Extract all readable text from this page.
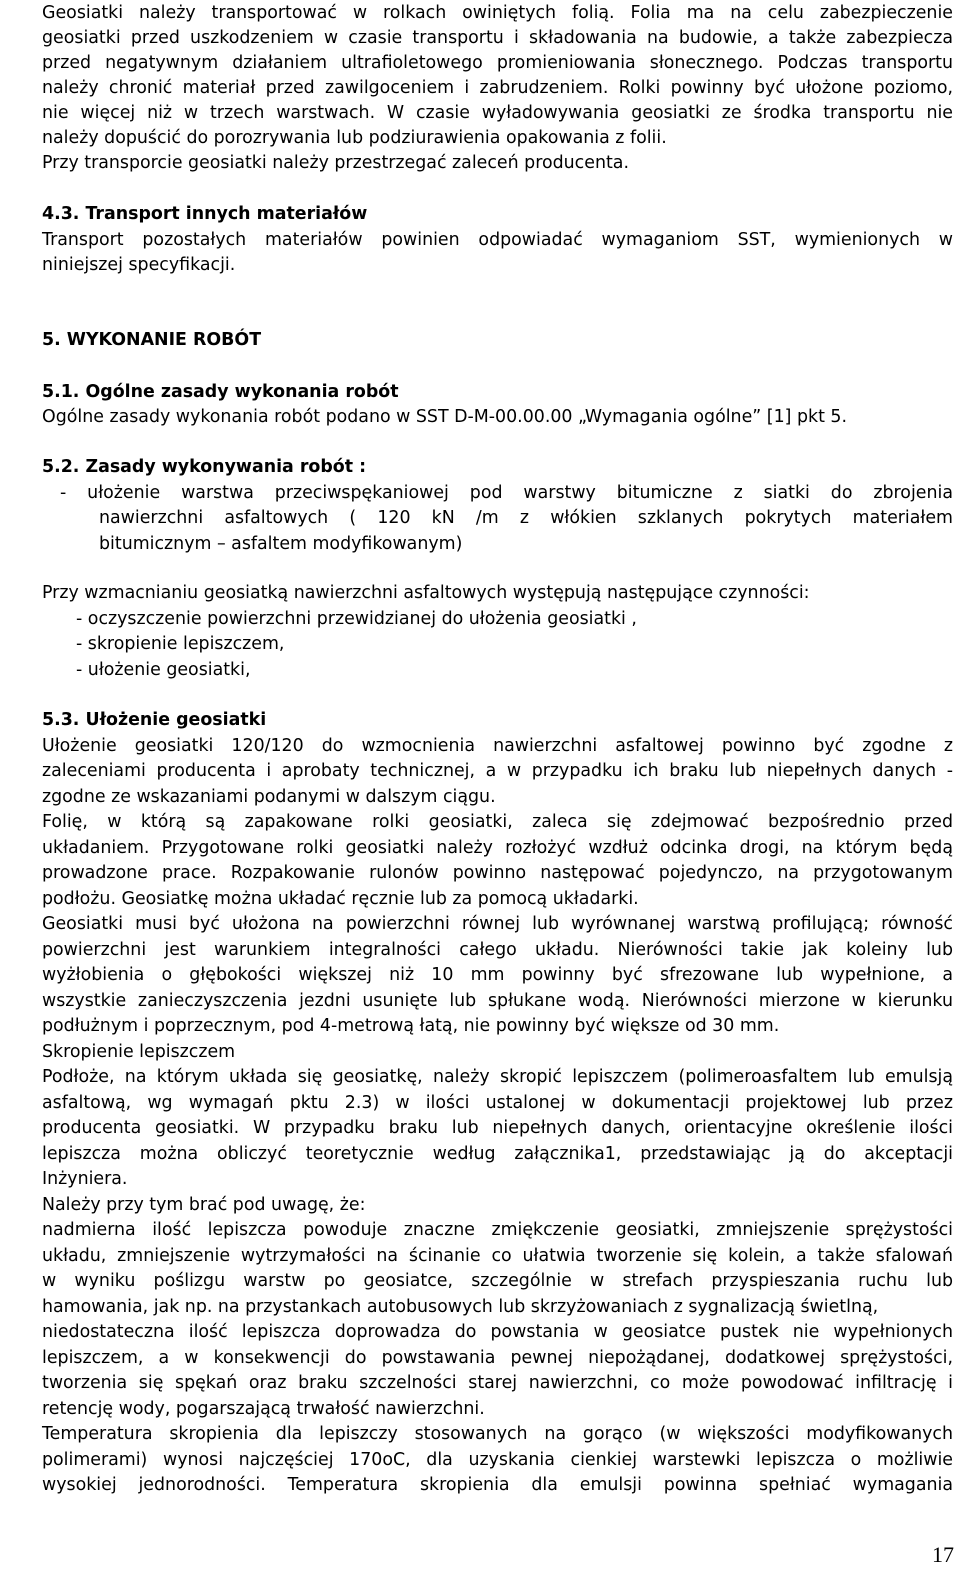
Geosiatki należy transportować w rolkach owiniętych folią. Folia ma na celu zabezpieczenie
geosiatki przed uszkodzeniem w czasie transportu i składowania na budowie, a także zabezpiecza
przed negatywnym działaniem ultrafioletowego promieniowania słonecznego. Podczas transportu
należy chronić materiał przed zawilgoceniem i zabrudzeniem. Rolki powinny być ułożone poziomo,
nie więcej niż w trzech warstwach. W czasie wyładowywania geosiatki ze środka transportu nie
należy dopuścić do porozrywania lub podziurawienia opakowania z folii.
Przy transporcie geosiatki należy przestrzegać zaleceń producenta.
4.3. Transport innych materiałów
Transport pozostałych materiałów powinien odpowiadać wymaganiom SST, wymienionych w
niniejszej specyfikacji.
5. WYKONANIE ROBÓT
5.1. Ogólne zasady wykonania robót
Ogólne zasady wykonania robót podano w SST D-M-00.00.00 „Wymagania ogólne” [1] pkt 5.
5.2. Zasady wykonywania robót :
- ułożenie warstwa przeciwspękaniowej pod warstwy bitumiczne z siatki do zbrojenia
nawierzchni asfaltowych ( 120 kN /m z włókien szklanych pokrytych materiałem
bitumicznym – asfaltem modyfikowanym)
Przy wzmacnianiu geosiatką nawierzchni asfaltowych występują następujące czynności:
- oczyszczenie powierzchni przewidzianej do ułożenia geosiatki ,
- skropienie lepiszczem,
- ułożenie geosiatki,
5.3. Ułożenie geosiatki
Ułożenie geosiatki 120/120 do wzmocnienia nawierzchni asfaltowej powinno być zgodne z
zaleceniami producenta i aprobaty technicznej, a w przypadku ich braku lub niepełnych danych -
zgodne ze wskazaniami podanymi w dalszym ciągu.
Folię, w którą są zapakowane rolki geosiatki, zaleca się zdejmować bezpośrednio przed
układaniem. Przygotowane rolki geosiatki należy rozłożyć wzdłuż odcinka drogi, na którym będą
prowadzone prace. Rozpakowanie rulonów powinno następować pojedynczo, na przygotowanym
podłożu. Geosiatkę można układać ręcznie lub za pomocą układarki.
Geosiatki musi być ułożona na powierzchni równej lub wyrównanej warstwą profilującą; równość
powierzchni jest warunkiem integralności całego układu. Nierówności takie jak koleiny lub
wyżłobienia o głębokości większej niż 10 mm powinny być sfrezowane lub wypełnione, a
wszystkie zanieczyszczenia jezdni usunięte lub spłukane wodą. Nierówności mierzone w kierunku
podłużnym i poprzecznym, pod 4-metrową łatą, nie powinny być większe od 30 mm.
Skropienie lepiszczem
Podłoże, na którym układa się geosiatkę, należy skropić lepiszczem (polimeroasfaltem lub emulsją
asfaltową, wg wymagań pktu 2.3) w ilości ustalonej w dokumentacji projektowej lub przez
producenta geosiatki. W przypadku braku lub niepełnych danych, orientacyjne określenie ilości
lepiszcza można obliczyć teoretycznie według załącznika1, przedstawiając ją do akceptacji
Inżyniera.
Należy przy tym brać pod uwagę, że:
nadmierna ilość lepiszcza powoduje znaczne zmiękczenie geosiatki, zmniejszenie sprężystości
układu, zmniejszenie wytrzymałości na ścinanie co ułatwia tworzenie się kolein, a także sfalowań
w wyniku poślizgu warstw po geosiatce, szczególnie w strefach przyspieszania ruchu lub
hamowania, jak np. na przystankach autobusowych lub skrzyżowaniach z sygnalizacją świetlną,
niedostateczna ilość lepiszcza doprowadza do powstania w geosiatce pustek nie wypełnionych
lepiszczem, a w konsekwencji do powstawania pewnej niepożądanej, dodatkowej sprężystości,
tworzenia się spękań oraz braku szczelności starej nawierzchni, co może powodować infiltrację i
retencję wody, pogarszającą trwałość nawierzchni.
Temperatura skropienia dla lepiszczy stosowanych na gorąco (w większości modyfikowanych
polimerami) wynosi najczęściej 170oC, dla uzyskania cienkiej warstewki lepiszcza o możliwie
wysokiej jednorodności. Temperatura skropienia dla emulsji powinna spełniać wymagania
17
